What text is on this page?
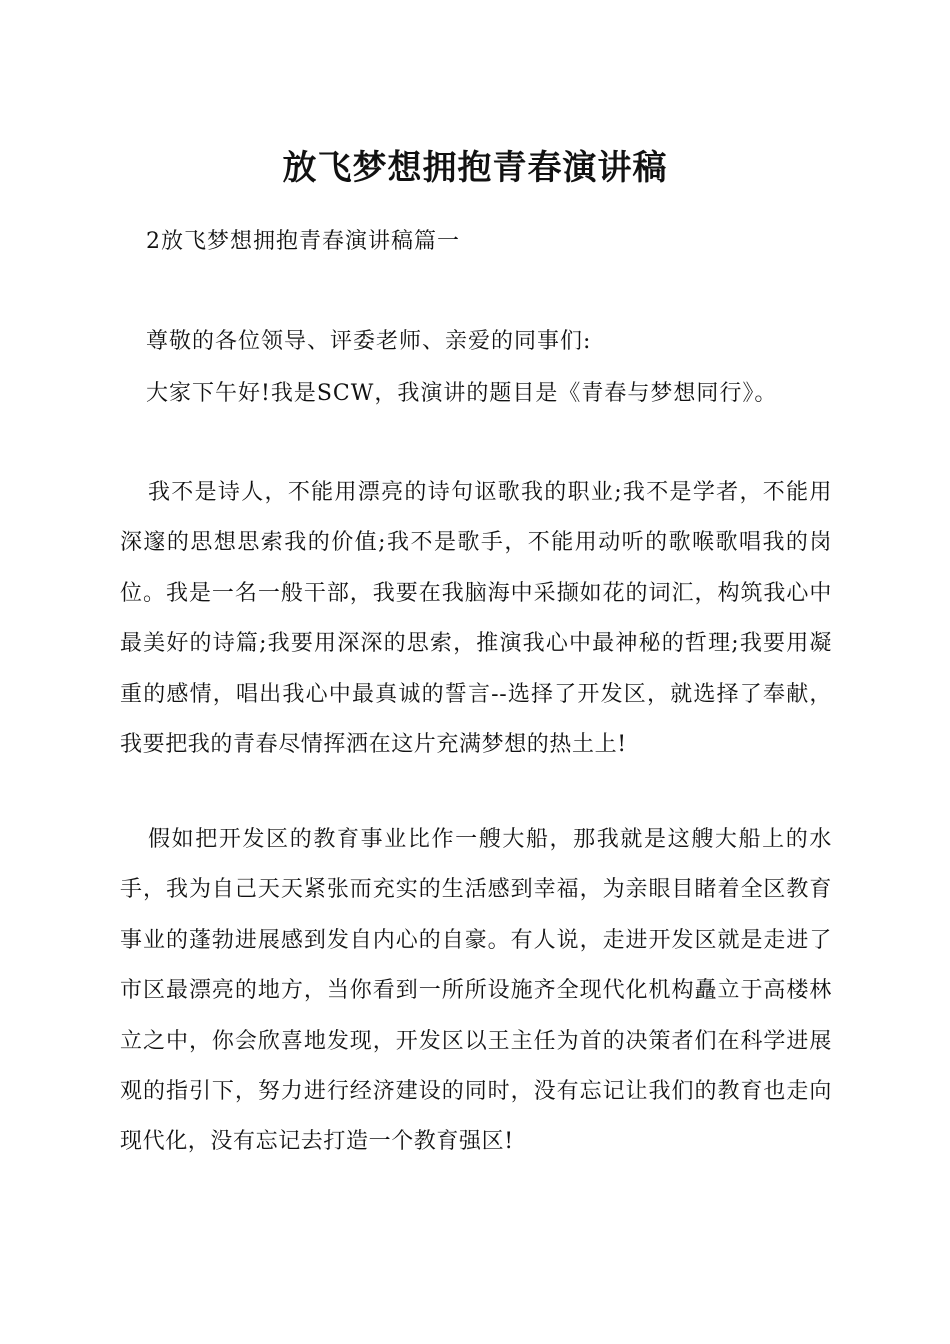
放飞梦想拥抱青春演讲稿
2放飞梦想拥抱青春演讲稿篇一
尊敬的各位领导、评委老师、亲爱的同事们:
大家下午好!我是SCW，我演讲的题目是《青春与梦想同行》。
我不是诗人，不能用漂亮的诗句讴歌我的职业;我不是学者，不能用深邃的思想思索我的价值;我不是歌手，不能用动听的歌喉歌唱我的岗位。我是一名一般干部，我要在我脑海中采撷如花的词汇，构筑我心中最美好的诗篇;我要用深深的思索，推演我心中最神秘的哲理;我要用凝重的感情，唱出我心中最真诚的誓言--选择了开发区，就选择了奉献，我要把我的青春尽情挥洒在这片充满梦想的热土上!
假如把开发区的教育事业比作一艘大船，那我就是这艘大船上的水手，我为自己天天紧张而充实的生活感到幸福，为亲眼目睹着全区教育事业的蓬勃进展感到发自内心的自豪。有人说，走进开发区就是走进了市区最漂亮的地方，当你看到一所所设施齐全现代化机构矗立于高楼林立之中，你会欣喜地发现，开发区以王主任为首的决策者们在科学进展观的指引下，努力进行经济建设的同时，没有忘记让我们的教育也走向现代化，没有忘记去打造一个教育强区!
